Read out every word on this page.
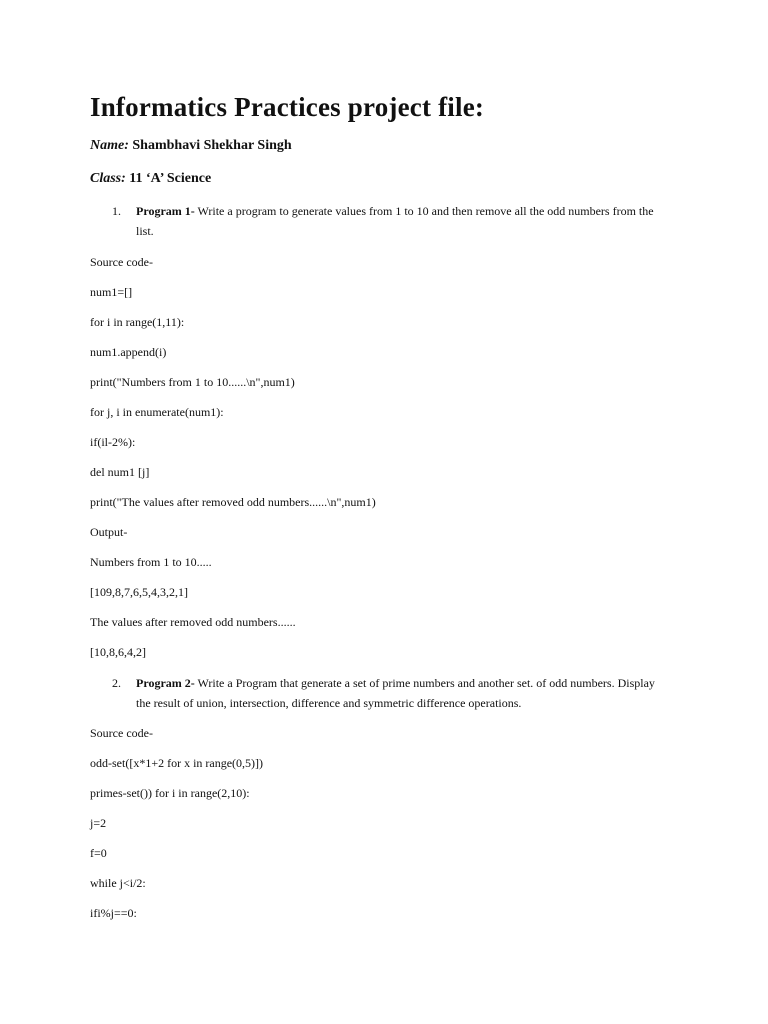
Informatics Practices project file:
Name: Shambhavi Shekhar Singh
Class: 11 ‘A’ Science
1. Program 1- Write a program to generate values from 1 to 10 and then remove all the odd numbers from the list.
Source code-
num1=[]
for i in range(1,11):
num1.append(i)
print("Numbers from 1 to 10......\n",num1)
for j, i in enumerate(num1):
if(il-2%):
del num1 [j]
print("The values after removed odd numbers......\n",num1)
Output-
Numbers from 1 to 10.....
[109,8,7,6,5,4,3,2,1]
The values after removed odd numbers......
[10,8,6,4,2]
2. Program 2- Write a Program that generate a set of prime numbers and another set. of odd numbers. Display the result of union, intersection, difference and symmetric difference operations.
Source code-
odd-set([x*1+2 for x in range(0,5)])
primes-set()) for i in range(2,10):
j=2
f=0
while j<i/2:
ifi%j==0:
